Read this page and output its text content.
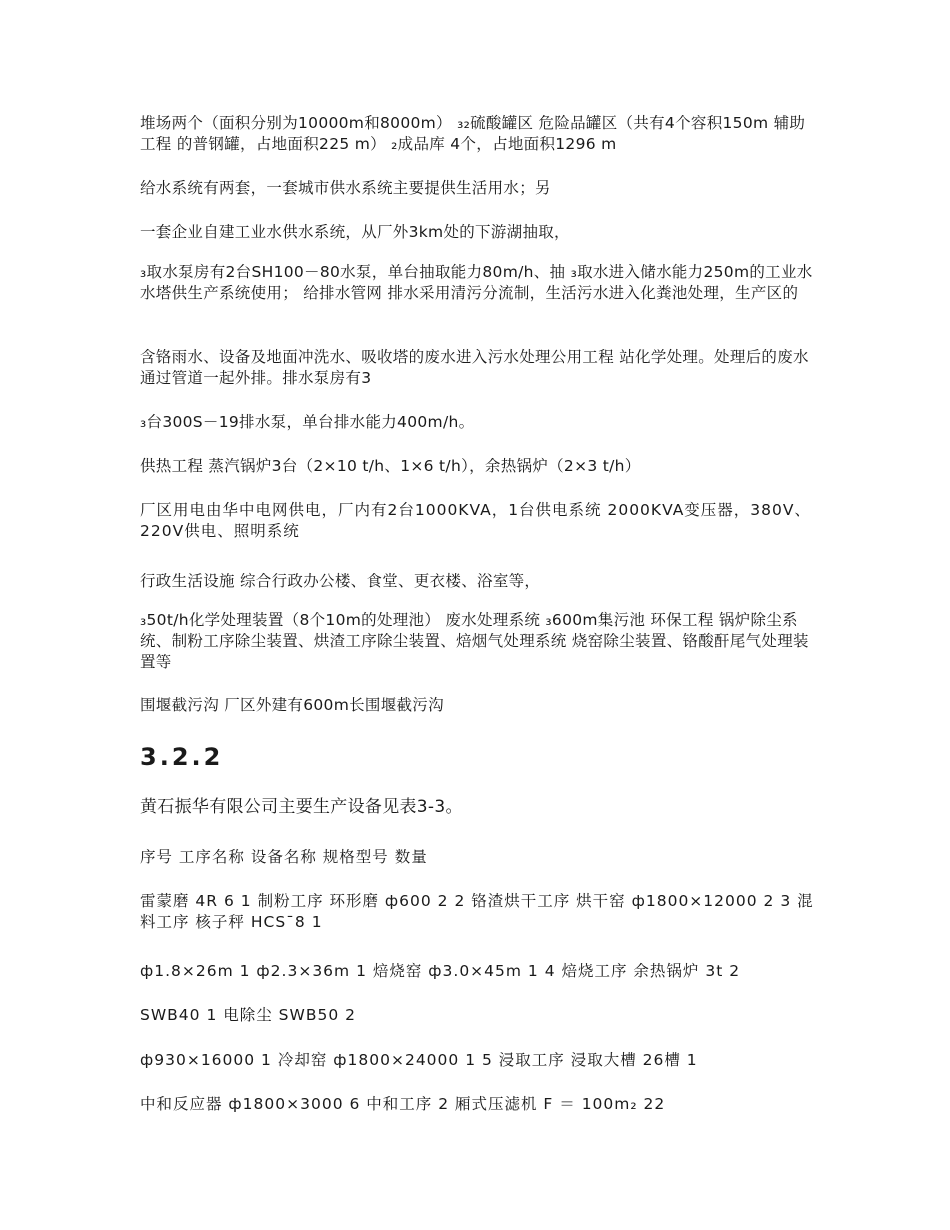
堆场两个（面积分别为10000m和8000m） ₃₂硫酸罐区 危险品罐区（共有4个容积150m 辅助工程 的普钢罐，占地面积225 m） ₂成品库 4个，占地面积1296 m

给水系统有两套，一套城市供水系统主要提供生活用水；另

一套企业自建工业水供水系统，从厂外3km处的下游湖抽取，

₃取水泵房有2台SH100－80水泵，单台抽取能力80m/h、抽 ₃取水进入储水能力250m的工业水水塔供生产系统使用； 给排水管网 排水采用清污分流制，生活污水进入化粪池处理，生产区的

含铬雨水、设备及地面冲洗水、吸收塔的废水进入污水处理公用工程 站化学处理。处理后的废水通过管道一起外排。排水泵房有3

₃台300S－19排水泵，单台排水能力400m/h。

供热工程 蒸汽锅炉3台（2×10 t/h、1×6 t/h），余热锅炉（2×3 t/h）

厂区用电由华中电网供电，厂内有2台1000KVA，1台供电系统 2000KVA变压器，380V、220V供电、照明系统

行政生活设施 综合行政办公楼、食堂、更衣楼、浴室等，

₃50t/h化学处理装置（8个10m的处理池） 废水处理系统 ₃600m集污池 环保工程 锅炉除尘系统、制粉工序除尘装置、烘渣工序除尘装置、焙烟气处理系统 烧窑除尘装置、铬酸酐尾气处理装置等

围堰截污沟 厂区外建有600m长围堰截污沟

3.2.2

黄石振华有限公司主要生产设备见表3-3。

序号 工序名称 设备名称 规格型号 数量

雷蒙磨 4R 6 1 制粉工序 环形磨 ф600 2 2 铬渣烘干工序 烘干窑 ф1800×12000 2 3 混料工序 核子秤 HCS¯8 1

ф1.8×26m 1 ф2.3×36m 1 焙烧窑 ф3.0×45m 1 4 焙烧工序 余热锅炉 3t 2

SWB40 1 电除尘 SWB50 2

ф930×16000 1 冷却窑 ф1800×24000 1 5 浸取工序 浸取大槽 26槽 1

中和反应器 ф1800×3000 6 中和工序 2 厢式压滤机 F ＝ 100m₂ 22
